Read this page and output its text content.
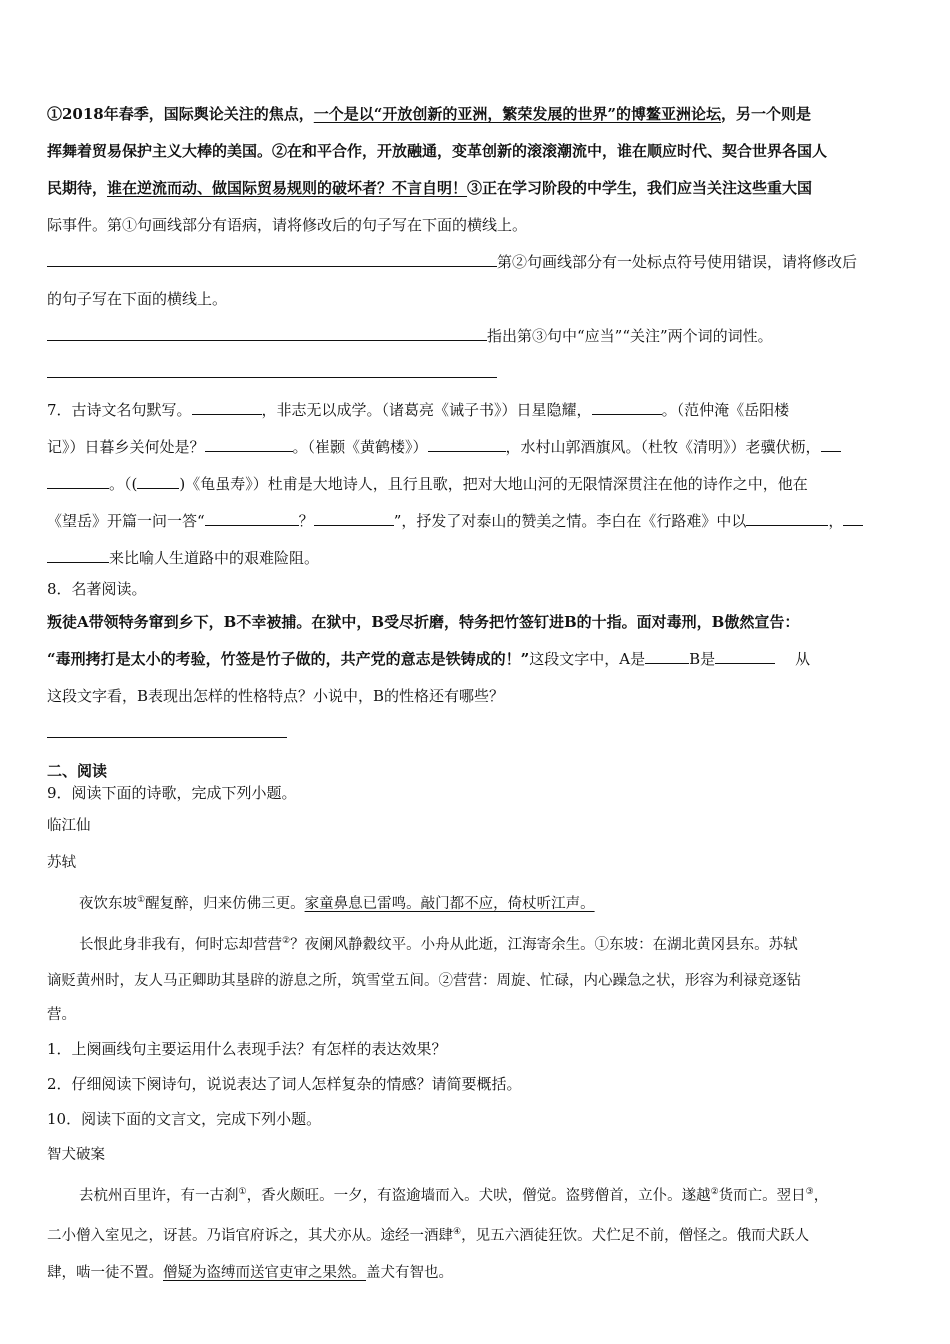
①2018年春季，国际舆论关注的焦点，一个是以“开放创新的亚洲，繁荣发展的世界”的博鳌亚洲论坛，另一个则是
挥舞着贸易保护主义大棒的美国。②在和平合作，开放融通，变革创新的滚滚潮流中，谁在顺应时代、契合世界各国人
民期待，谁在逆流而动、做国际贸易规则的破坏者？不言自明！③正在学习阶段的中学生，我们应当关注这些重大国
际事件。第①句画线部分有语病，请将修改后的句子写在下面的横线上。
第②句画线部分有一处标点符号使用错误，请将修改后
的句子写在下面的横线上。
指出第③句中“应当”“关注”两个词的词性。
7．古诗文名句默写。	，非志无以成学。（诸葛亮《诫子书》）日星隐耀，	。（范仲淹《岳阳楼
记》）日暮乡关何处是？	。（崔颢《黄鹤楼》）	，水村山郭酒旗风。（杜牧《清明》）老骥伏枥，
。（(	)《龟虽寿》）杜甫是大地诗人，且行且歌，把对大地山河的无限情深贯注在他的诗作之中，他在
《望岳》开篇一问一答“	？	”，抒发了对泰山的赞美之情。李白在《行路难》中以	，
来比喻人生道路中的艰难险阻。
8．名著阅读。
叛徒A带领特务窜到乡下，B不幸被捕。在狱中，B受尽折磨，特务把竹签钉进B的十指。面对毒刑，B傲然宣告：
“毒刑拷打是太小的考验，竹签是竹子做的，共产党的意志是铁铸成的！”这段文字中，A是	B是	从
这段文字看，B表现出怎样的性格特点？小说中，B的性格还有哪些？
二、阅读
9．阅读下面的诗歌，完成下列小题。
临江仙
苏轼
夜饮东坡①醒复醉，归来仿佛三更。家童鼻息已雷鸣。敲门都不应，倚杖听江声。
长恨此身非我有，何时忘却营营②？夜阑风静縠纹平。小舟从此逝，江海寄余生。①东坡：在湖北黄冈县东。苏轼
谪贬黄州时，友人马正卿助其垦辟的游息之所，筑雪堂五间。②营营：周旋、忙碌，内心躁急之状，形容为利禄竞逐钻
营。
1．上阕画线句主要运用什么表现手法？有怎样的表达效果？
2．仔细阅读下阕诗句，说说表达了词人怎样复杂的情感？请简要概括。
10．阅读下面的文言文，完成下列小题。
智犬破案
去杭州百里许，有一古刹①，香火颇旺。一夕，有盗逾墙而入。犬吠，僧觉。盗劈僧首，立仆。遂越②货而亡。翌日③，
二小僧入室见之，讶甚。乃诣官府诉之，其犬亦从。途经一酒肆④，见五六酒徒狂饮。犬伫足不前，僧怪之。俄而犬跃人
肆，啮一徒不置。僧疑为盗缚而送官吏审之果然。盖犬有智也。
